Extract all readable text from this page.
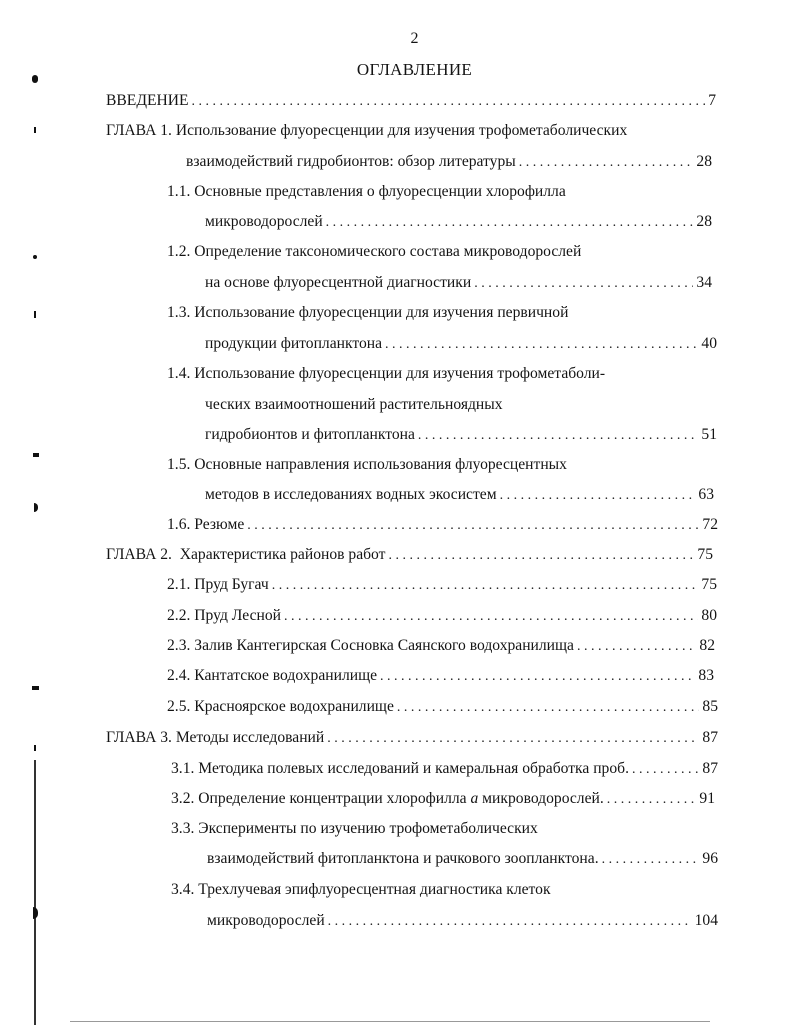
2
ОГЛАВЛЕНИЕ
ВВЕДЕНИЕ . . .	7
ГЛАВА 1. Использование флуоресценции для изучения трофометаболических
взаимодействий гидробионтов: обзор литературы . . .	28
1.1. Основные представления о флуоресценции хлорофилла
микроводорослей . . .	28
1.2. Определение таксономического состава микроводорослей
на основе флуоресцентной диагностики . . .	34
1.3. Использование флуоресценции для изучения первичной
продукции фитопланктона . . .	40
1.4. Использование флуоресценции для изучения трофометаболи-
ческих взаимоотношений растительноядных
гидробионтов и фитопланктона . . .	51
1.5. Основные направления использования флуоресцентных
методов в исследованиях водных экосистем . . .	63
1.6. Резюме . . .	72
ГЛАВА 2.  Характеристика районов работ . . .	75
2.1. Пруд Бугач . . .	75
2.2. Пруд Лесной . . .	80
2.3. Залив Кантегирская Сосновка Саянского водохранилища . . .	82
2.4. Кантатское водохранилище . . .	83
2.5. Красноярское водохранилище . . .	85
ГЛАВА 3. Методы исследований . . .	87
3.1. Методика полевых исследований и камеральная обработка проб. . . .	87
3.2. Определение концентрации хлорофилла a микроводорослей. . . .	91
3.3. Эксперименты по изучению трофометаболических
взаимодействий фитопланктона и рачкового зоопланктона. . . .	96
3.4. Трехлучевая эпифлуоресцентная диагностика клеток
микроводорослей . . .	104
